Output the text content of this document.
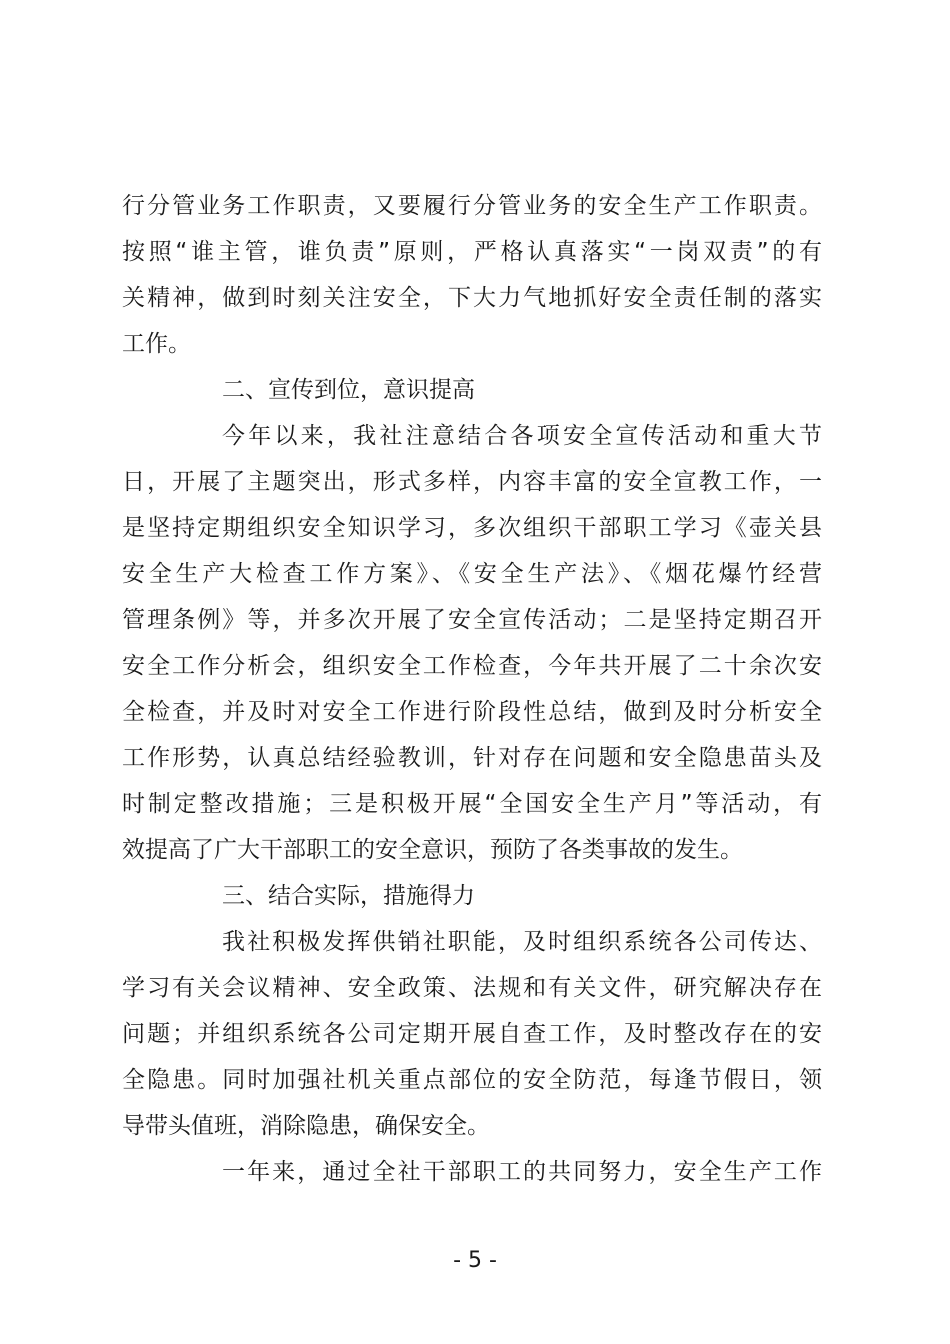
行分管业务工作职责，又要履行分管业务的安全生产工作职责。
按照“谁主管，谁负责”原则，严格认真落实“一岗双责”的有
关精神，做到时刻关注安全，下大力气地抓好安全责任制的落实
工作。
二、宣传到位，意识提高
今年以来，我社注意结合各项安全宣传活动和重大节
日，开展了主题突出，形式多样，内容丰富的安全宣教工作，一
是坚持定期组织安全知识学习，多次组织干部职工学习《壶关县
安全生产大检查工作方案》、《安全生产法》、《烟花爆竹经营
管理条例》等，并多次开展了安全宣传活动；二是坚持定期召开
安全工作分析会，组织安全工作检查，今年共开展了二十余次安
全检查，并及时对安全工作进行阶段性总结，做到及时分析安全
工作形势，认真总结经验教训，针对存在问题和安全隐患苗头及
时制定整改措施；三是积极开展“全国安全生产月”等活动，有
效提高了广大干部职工的安全意识，预防了各类事故的发生。
三、结合实际，措施得力
我社积极发挥供销社职能，及时组织系统各公司传达、
学习有关会议精神、安全政策、法规和有关文件，研究解决存在
问题；并组织系统各公司定期开展自查工作，及时整改存在的安
全隐患。同时加强社机关重点部位的安全防范，每逢节假日，领
导带头值班，消除隐患，确保安全。
一年来，通过全社干部职工的共同努力，安全生产工作
- 5 -
